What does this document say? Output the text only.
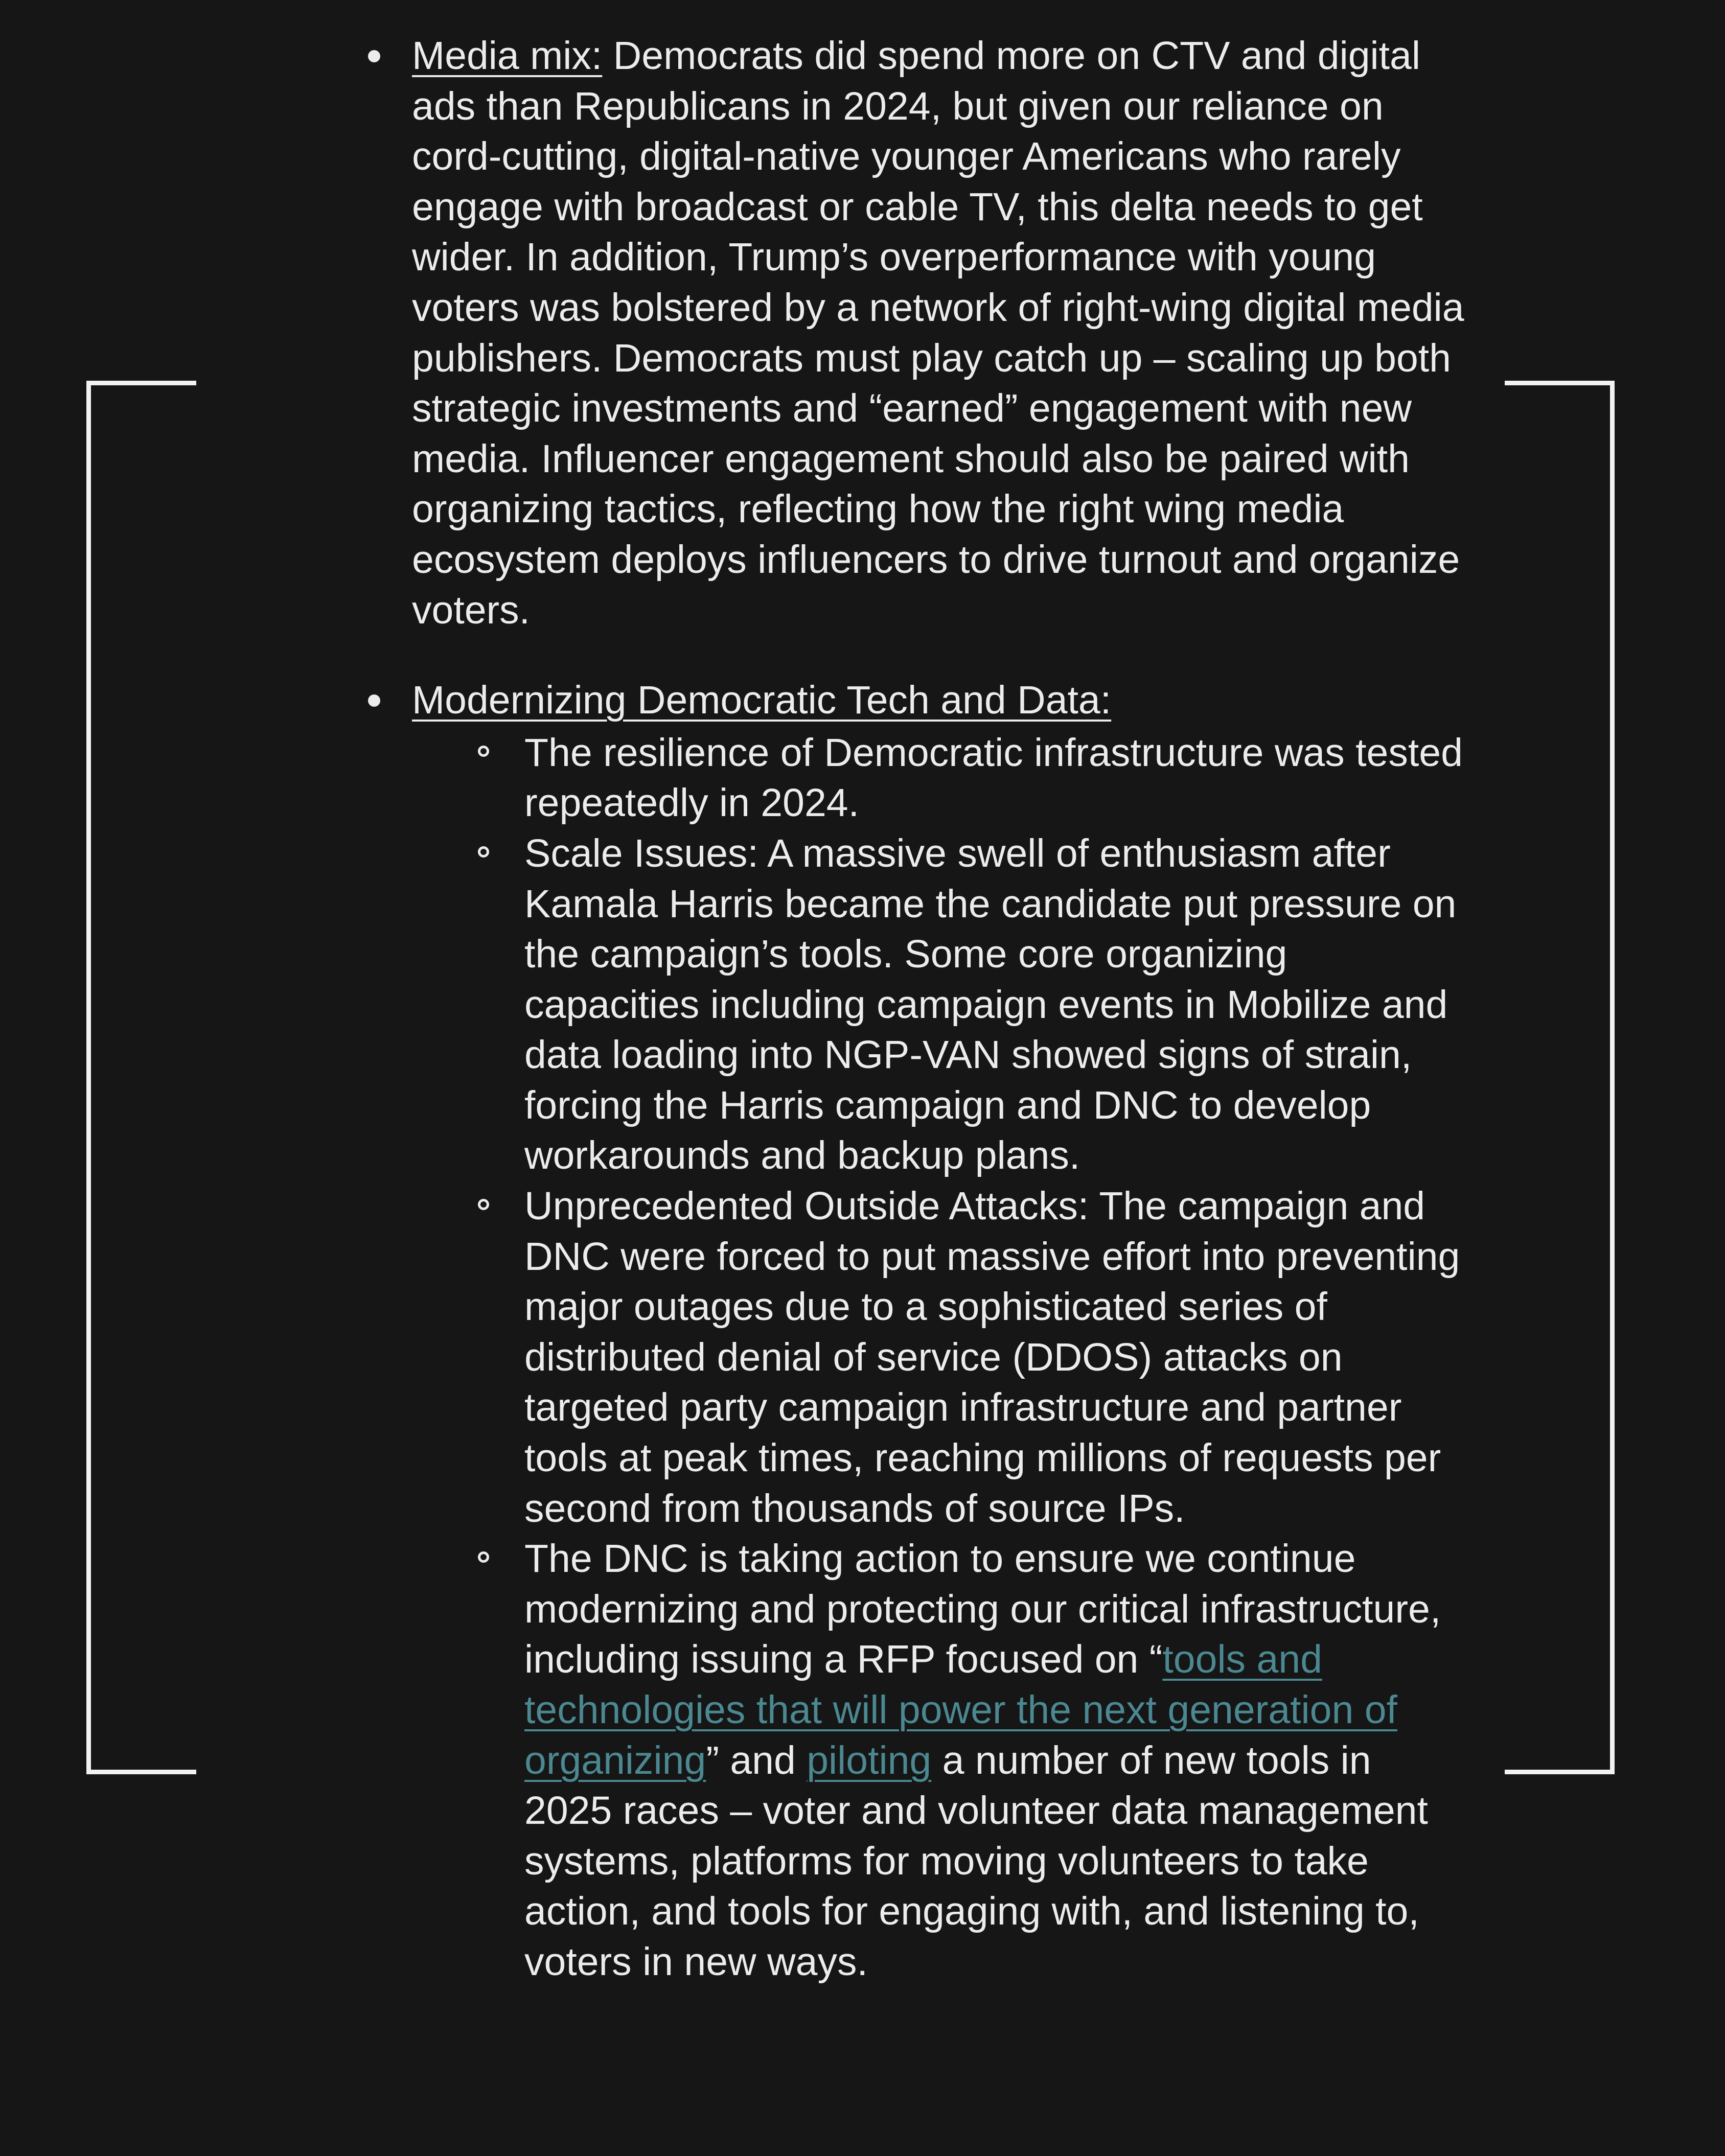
Media mix: Democrats did spend more on CTV and digital ads than Republicans in 2024, but given our reliance on cord-cutting, digital-native younger Americans who rarely engage with broadcast or cable TV, this delta needs to get wider. In addition, Trump’s overperformance with young voters was bolstered by a network of right-wing digital media publishers. Democrats must play catch up – scaling up both strategic investments and “earned” engagement with new media. Influencer engagement should also be paired with organizing tactics, reflecting how the right wing media ecosystem deploys influencers to drive turnout and organize voters.
Modernizing Democratic Tech and Data:
The resilience of Democratic infrastructure was tested repeatedly in 2024.
Scale Issues: A massive swell of enthusiasm after Kamala Harris became the candidate put pressure on the campaign’s tools. Some core organizing capacities including campaign events in Mobilize and data loading into NGP-VAN showed signs of strain, forcing the Harris campaign and DNC to develop workarounds and backup plans.
Unprecedented Outside Attacks: The campaign and DNC were forced to put massive effort into preventing major outages due to a sophisticated series of distributed denial of service (DDOS) attacks on targeted party campaign infrastructure and partner tools at peak times, reaching millions of requests per second from thousands of source IPs.
The DNC is taking action to ensure we continue modernizing and protecting our critical infrastructure, including issuing a RFP focused on “tools and technologies that will power the next generation of organizing” and piloting a number of new tools in 2025 races – voter and volunteer data management systems, platforms for moving volunteers to take action, and tools for engaging with, and listening to, voters in new ways.
